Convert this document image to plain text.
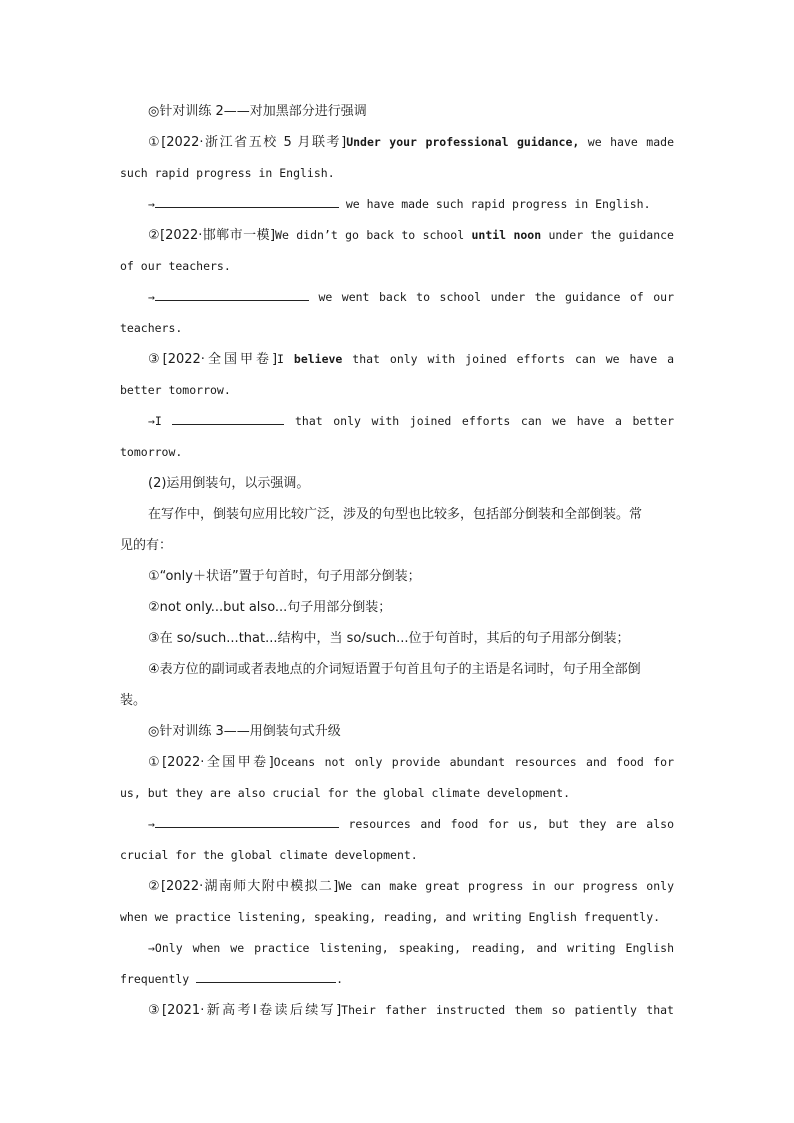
◎针对训练 2——对加黑部分进行强调
①[2022·浙江省五校 5 月联考]Under your professional guidance, we have made
such rapid progress in English.
→	we have made such rapid progress in English.
②[2022·邯郸市一模]We didn’t go back to school until noon under the guidance
of our teachers.
→	we went back to school under the guidance of our
teachers.
③[2022·全国甲卷]I believe that only with joined efforts can we have a
better tomorrow.
→I	that only with joined efforts can we have a better
tomorrow.
(2)运用倒装句，以示强调。
在写作中，倒装句应用比较广泛，涉及的句型也比较多，包括部分倒装和全部倒装。常
见的有：
①“only＋状语”置于句首时，句子用部分倒装；
②not only...but also...句子用部分倒装；
③在 so/such...that...结构中，当 so/such...位于句首时，其后的句子用部分倒装；
④表方位的副词或者表地点的介词短语置于句首且句子的主语是名词时，句子用全部倒
装。
◎针对训练 3——用倒装句式升级
①[2022·全国甲卷]Oceans not only provide abundant resources and food for
us, but they are also crucial for the global climate development.
→	resources and food for us, but they are also
crucial for the global climate development.
②[2022·湖南师大附中模拟二]We can make great progress in our progress only
when we practice listening, speaking, reading, and writing English frequently.
→Only when we practice listening, speaking, reading, and writing English
frequently	.
③[2021·新高考Ⅰ卷读后续写]Their father instructed them so patiently that
